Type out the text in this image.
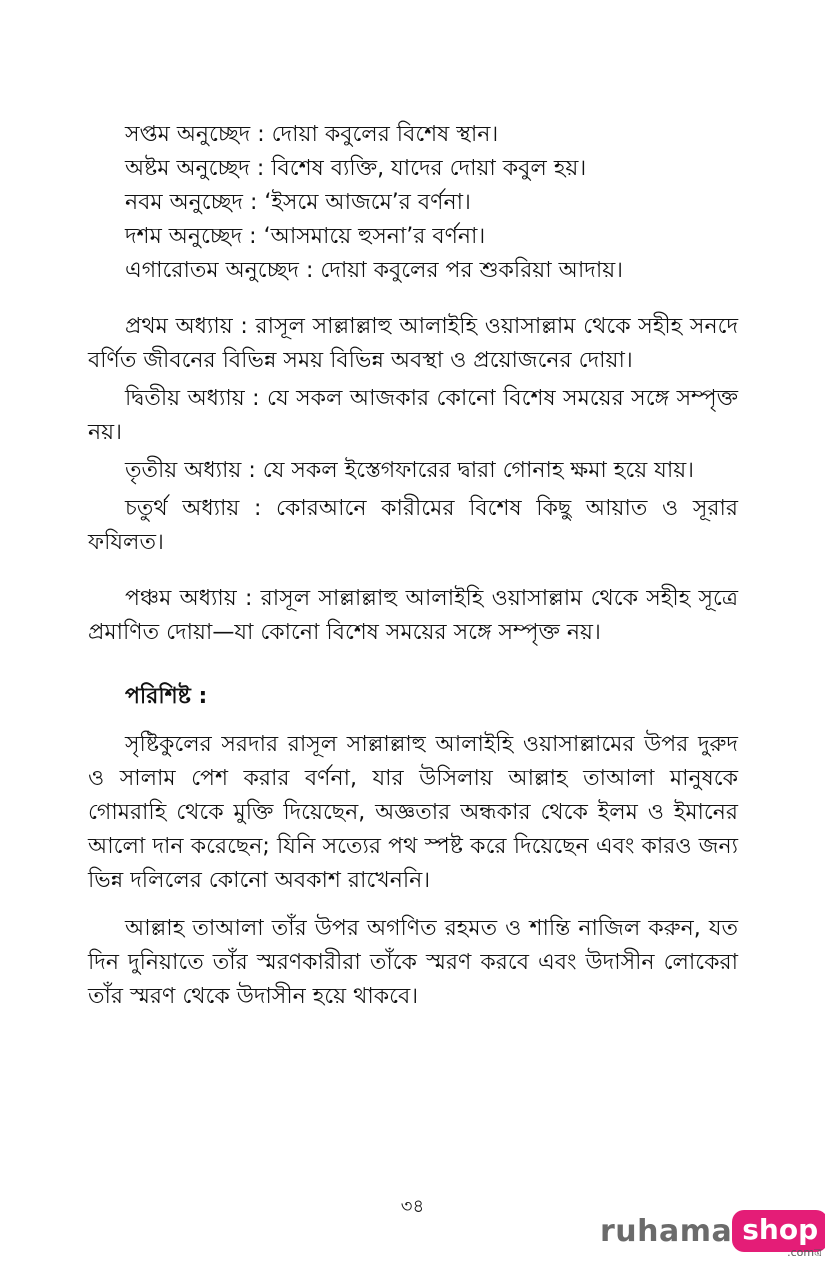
সপ্তম অনুচ্ছেদ : দোয়া কবুলের বিশেষ স্থান।
অষ্টম অনুচ্ছেদ : বিশেষ ব্যক্তি, যাদের দোয়া কবুল হয়।
নবম অনুচ্ছেদ : ‘ইসমে আজমে’র বর্ণনা।
দশম অনুচ্ছেদ : ‘আসমায়ে হুসনা’র বর্ণনা।
এগারোতম অনুচ্ছেদ : দোয়া কবুলের পর শুকরিয়া আদায়।

প্রথম অধ্যায় : রাসূল সাল্লাল্লাহু আলাইহি ওয়াসাল্লাম থেকে সহীহ সনদে বর্ণিত জীবনের বিভিন্ন সময় বিভিন্ন অবস্থা ও প্রয়োজনের দোয়া।

দ্বিতীয় অধ্যায় : যে সকল আজকার কোনো বিশেষ সময়ের সঙ্গে সম্পৃক্ত নয়।

তৃতীয় অধ্যায় : যে সকল ইস্তেগফারের দ্বারা গোনাহ ক্ষমা হয়ে যায়।

চতুর্থ অধ্যায় : কোরআনে কারীমের বিশেষ কিছু আয়াত ও সূরার ফযিলত।

পঞ্চম অধ্যায় : রাসূল সাল্লাল্লাহু আলাইহি ওয়াসাল্লাম থেকে সহীহ সূত্রে প্রমাণিত দোয়া—যা কোনো বিশেষ সময়ের সঙ্গে সম্পৃক্ত নয়।

পরিশিষ্ট :

সৃষ্টিকুলের সরদার রাসূল সাল্লাল্লাহু আলাইহি ওয়াসাল্লামের উপর দুরুদ ও সালাম পেশ করার বর্ণনা, যার উসিলায় আল্লাহ তাআলা মানুষকে গোমরাহি থেকে মুক্তি দিয়েছেন, অজ্ঞতার অন্ধকার থেকে ইলম ও ইমানের আলো দান করেছেন; যিনি সত্যের পথ স্পষ্ট করে দিয়েছেন এবং কারও জন্য ভিন্ন দলিলের কোনো অবকাশ রাখেননি।

আল্লাহ তাআলা তাঁর উপর অগণিত রহমত ও শান্তি নাজিল করুন, যত দিন দুনিয়াতে তাঁর স্মরণকারীরা তাঁকে স্মরণ করবে এবং উদাসীন লোকেরা তাঁর স্মরণ থেকে উদাসীন হয়ে থাকবে।

৩৪
ruhama shop
.comত্র
